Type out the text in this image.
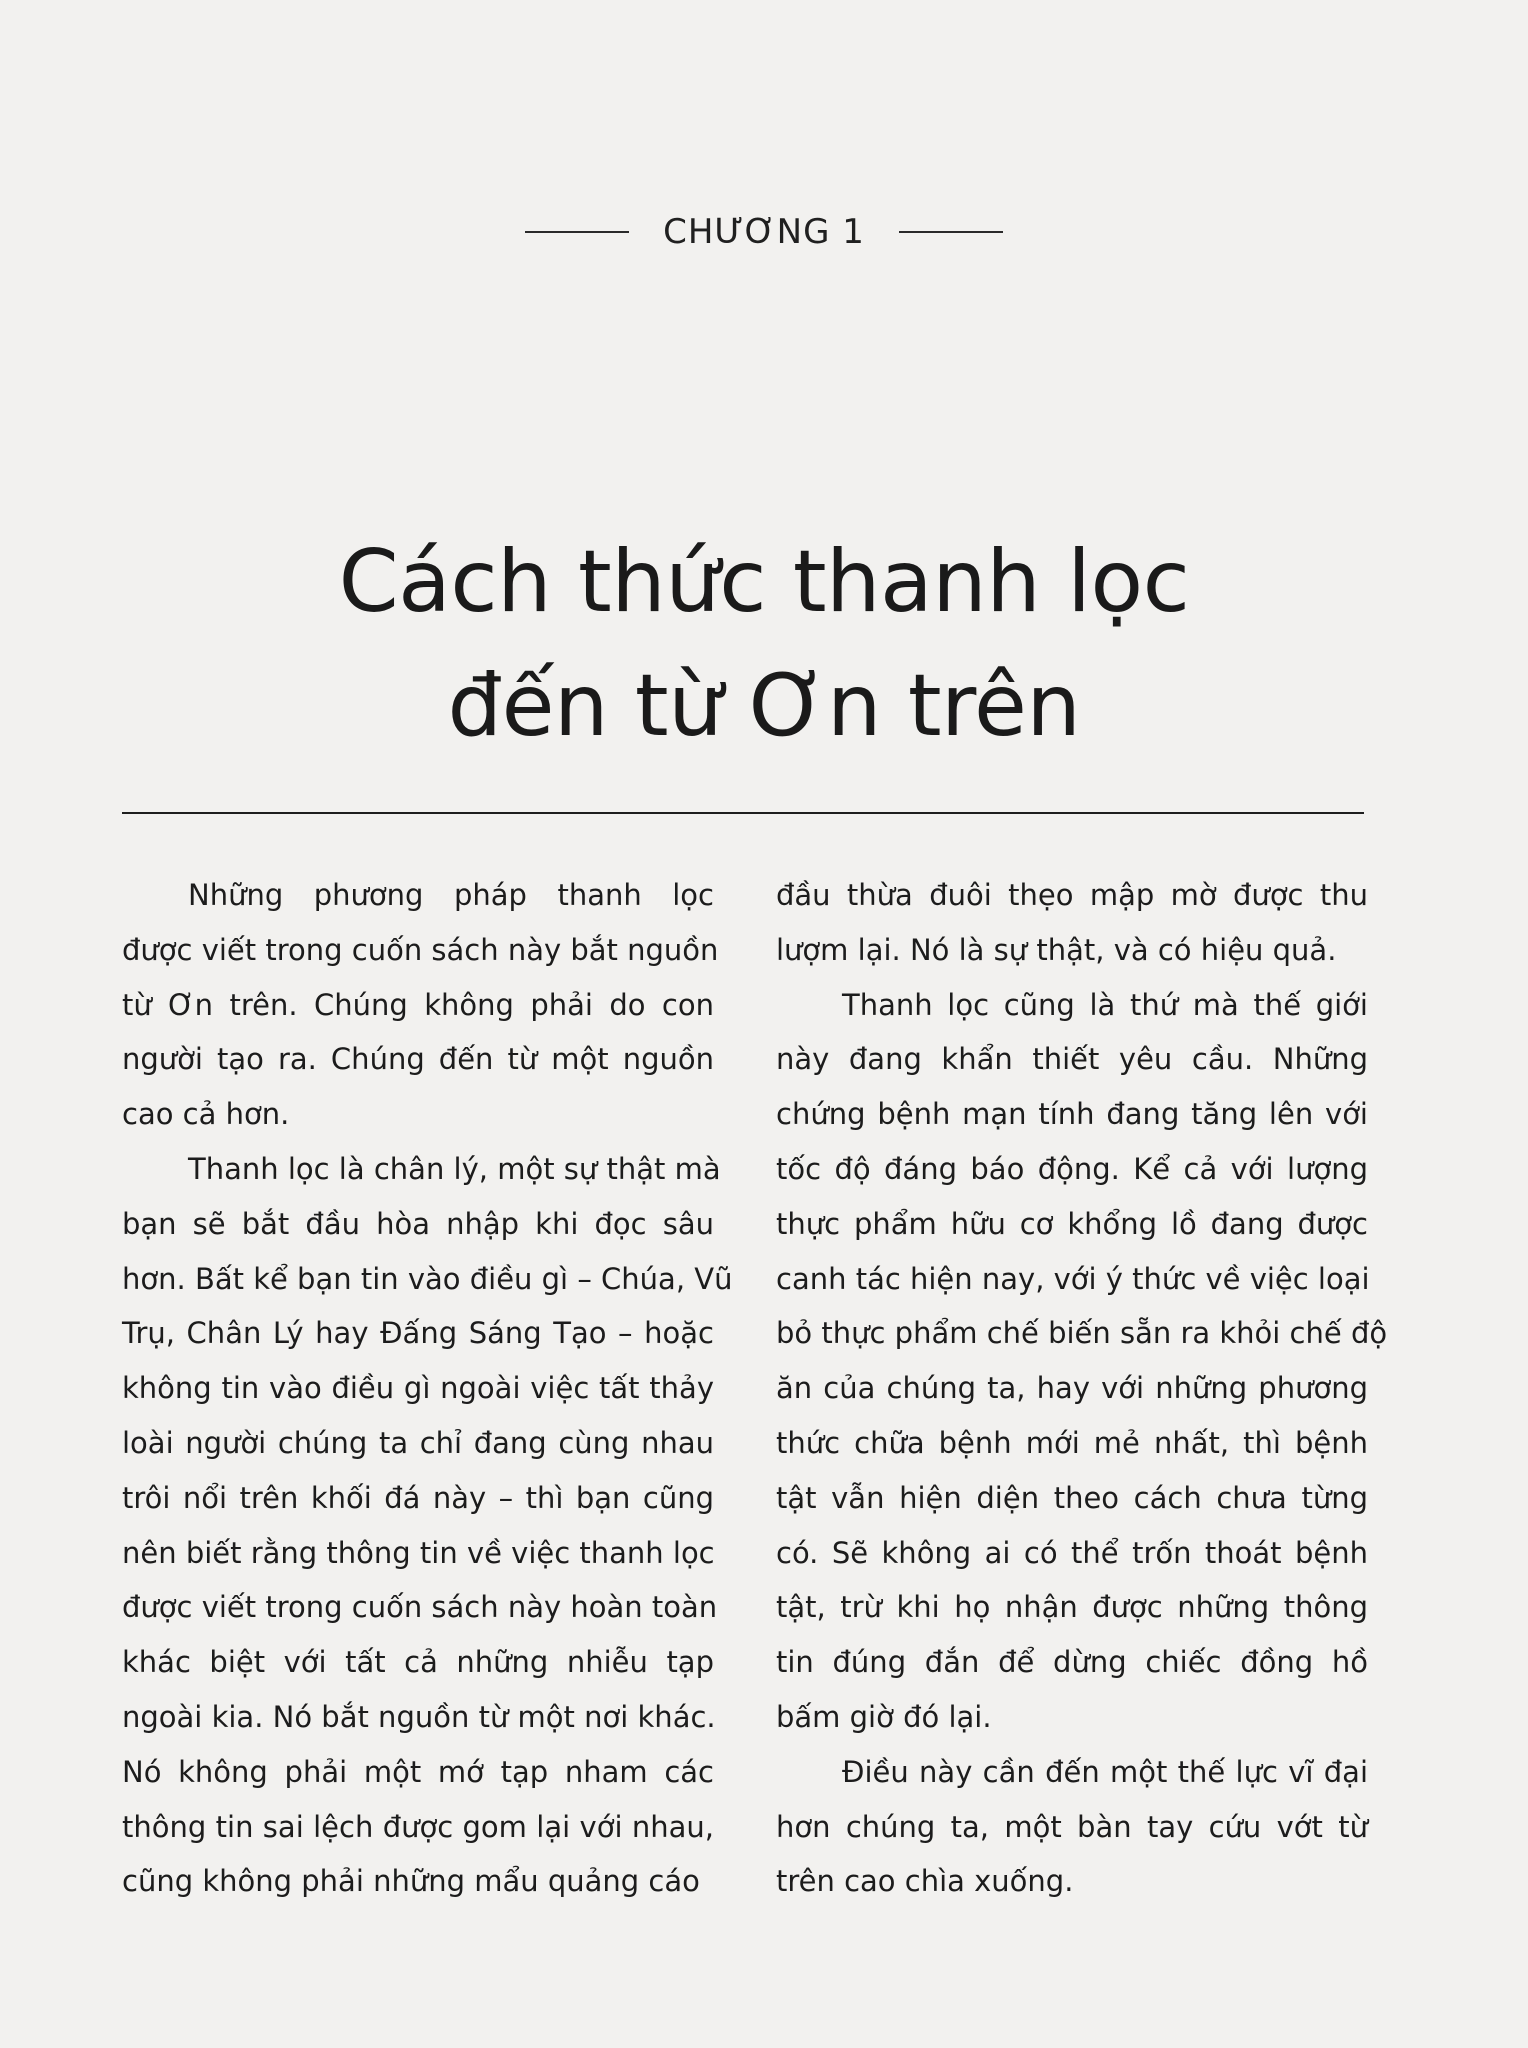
CHƯƠNG 1
Cách thức thanh lọc
đến từ Ơn trên
Những phương pháp thanh lọc
được viết trong cuốn sách này bắt nguồn
từ Ơn trên. Chúng không phải do con
người tạo ra. Chúng đến từ một nguồn
cao cả hơn.
Thanh lọc là chân lý, một sự thật mà
bạn sẽ bắt đầu hòa nhập khi đọc sâu
hơn. Bất kể bạn tin vào điều gì – Chúa, Vũ
Trụ, Chân Lý hay Đấng Sáng Tạo – hoặc
không tin vào điều gì ngoài việc tất thảy
loài người chúng ta chỉ đang cùng nhau
trôi nổi trên khối đá này – thì bạn cũng
nên biết rằng thông tin về việc thanh lọc
được viết trong cuốn sách này hoàn toàn
khác biệt với tất cả những nhiễu tạp
ngoài kia. Nó bắt nguồn từ một nơi khác.
Nó không phải một mớ tạp nham các
thông tin sai lệch được gom lại với nhau,
cũng không phải những mẩu quảng cáo
đầu thừa đuôi thẹo mập mờ được thu
lượm lại. Nó là sự thật, và có hiệu quả.
Thanh lọc cũng là thứ mà thế giới
này đang khẩn thiết yêu cầu. Những
chứng bệnh mạn tính đang tăng lên với
tốc độ đáng báo động. Kể cả với lượng
thực phẩm hữu cơ khổng lồ đang được
canh tác hiện nay, với ý thức về việc loại
bỏ thực phẩm chế biến sẵn ra khỏi chế độ
ăn của chúng ta, hay với những phương
thức chữa bệnh mới mẻ nhất, thì bệnh
tật vẫn hiện diện theo cách chưa từng
có. Sẽ không ai có thể trốn thoát bệnh
tật, trừ khi họ nhận được những thông
tin đúng đắn để dừng chiếc đồng hồ
bấm giờ đó lại.
Điều này cần đến một thế lực vĩ đại
hơn chúng ta, một bàn tay cứu vớt từ
trên cao chìa xuống.
